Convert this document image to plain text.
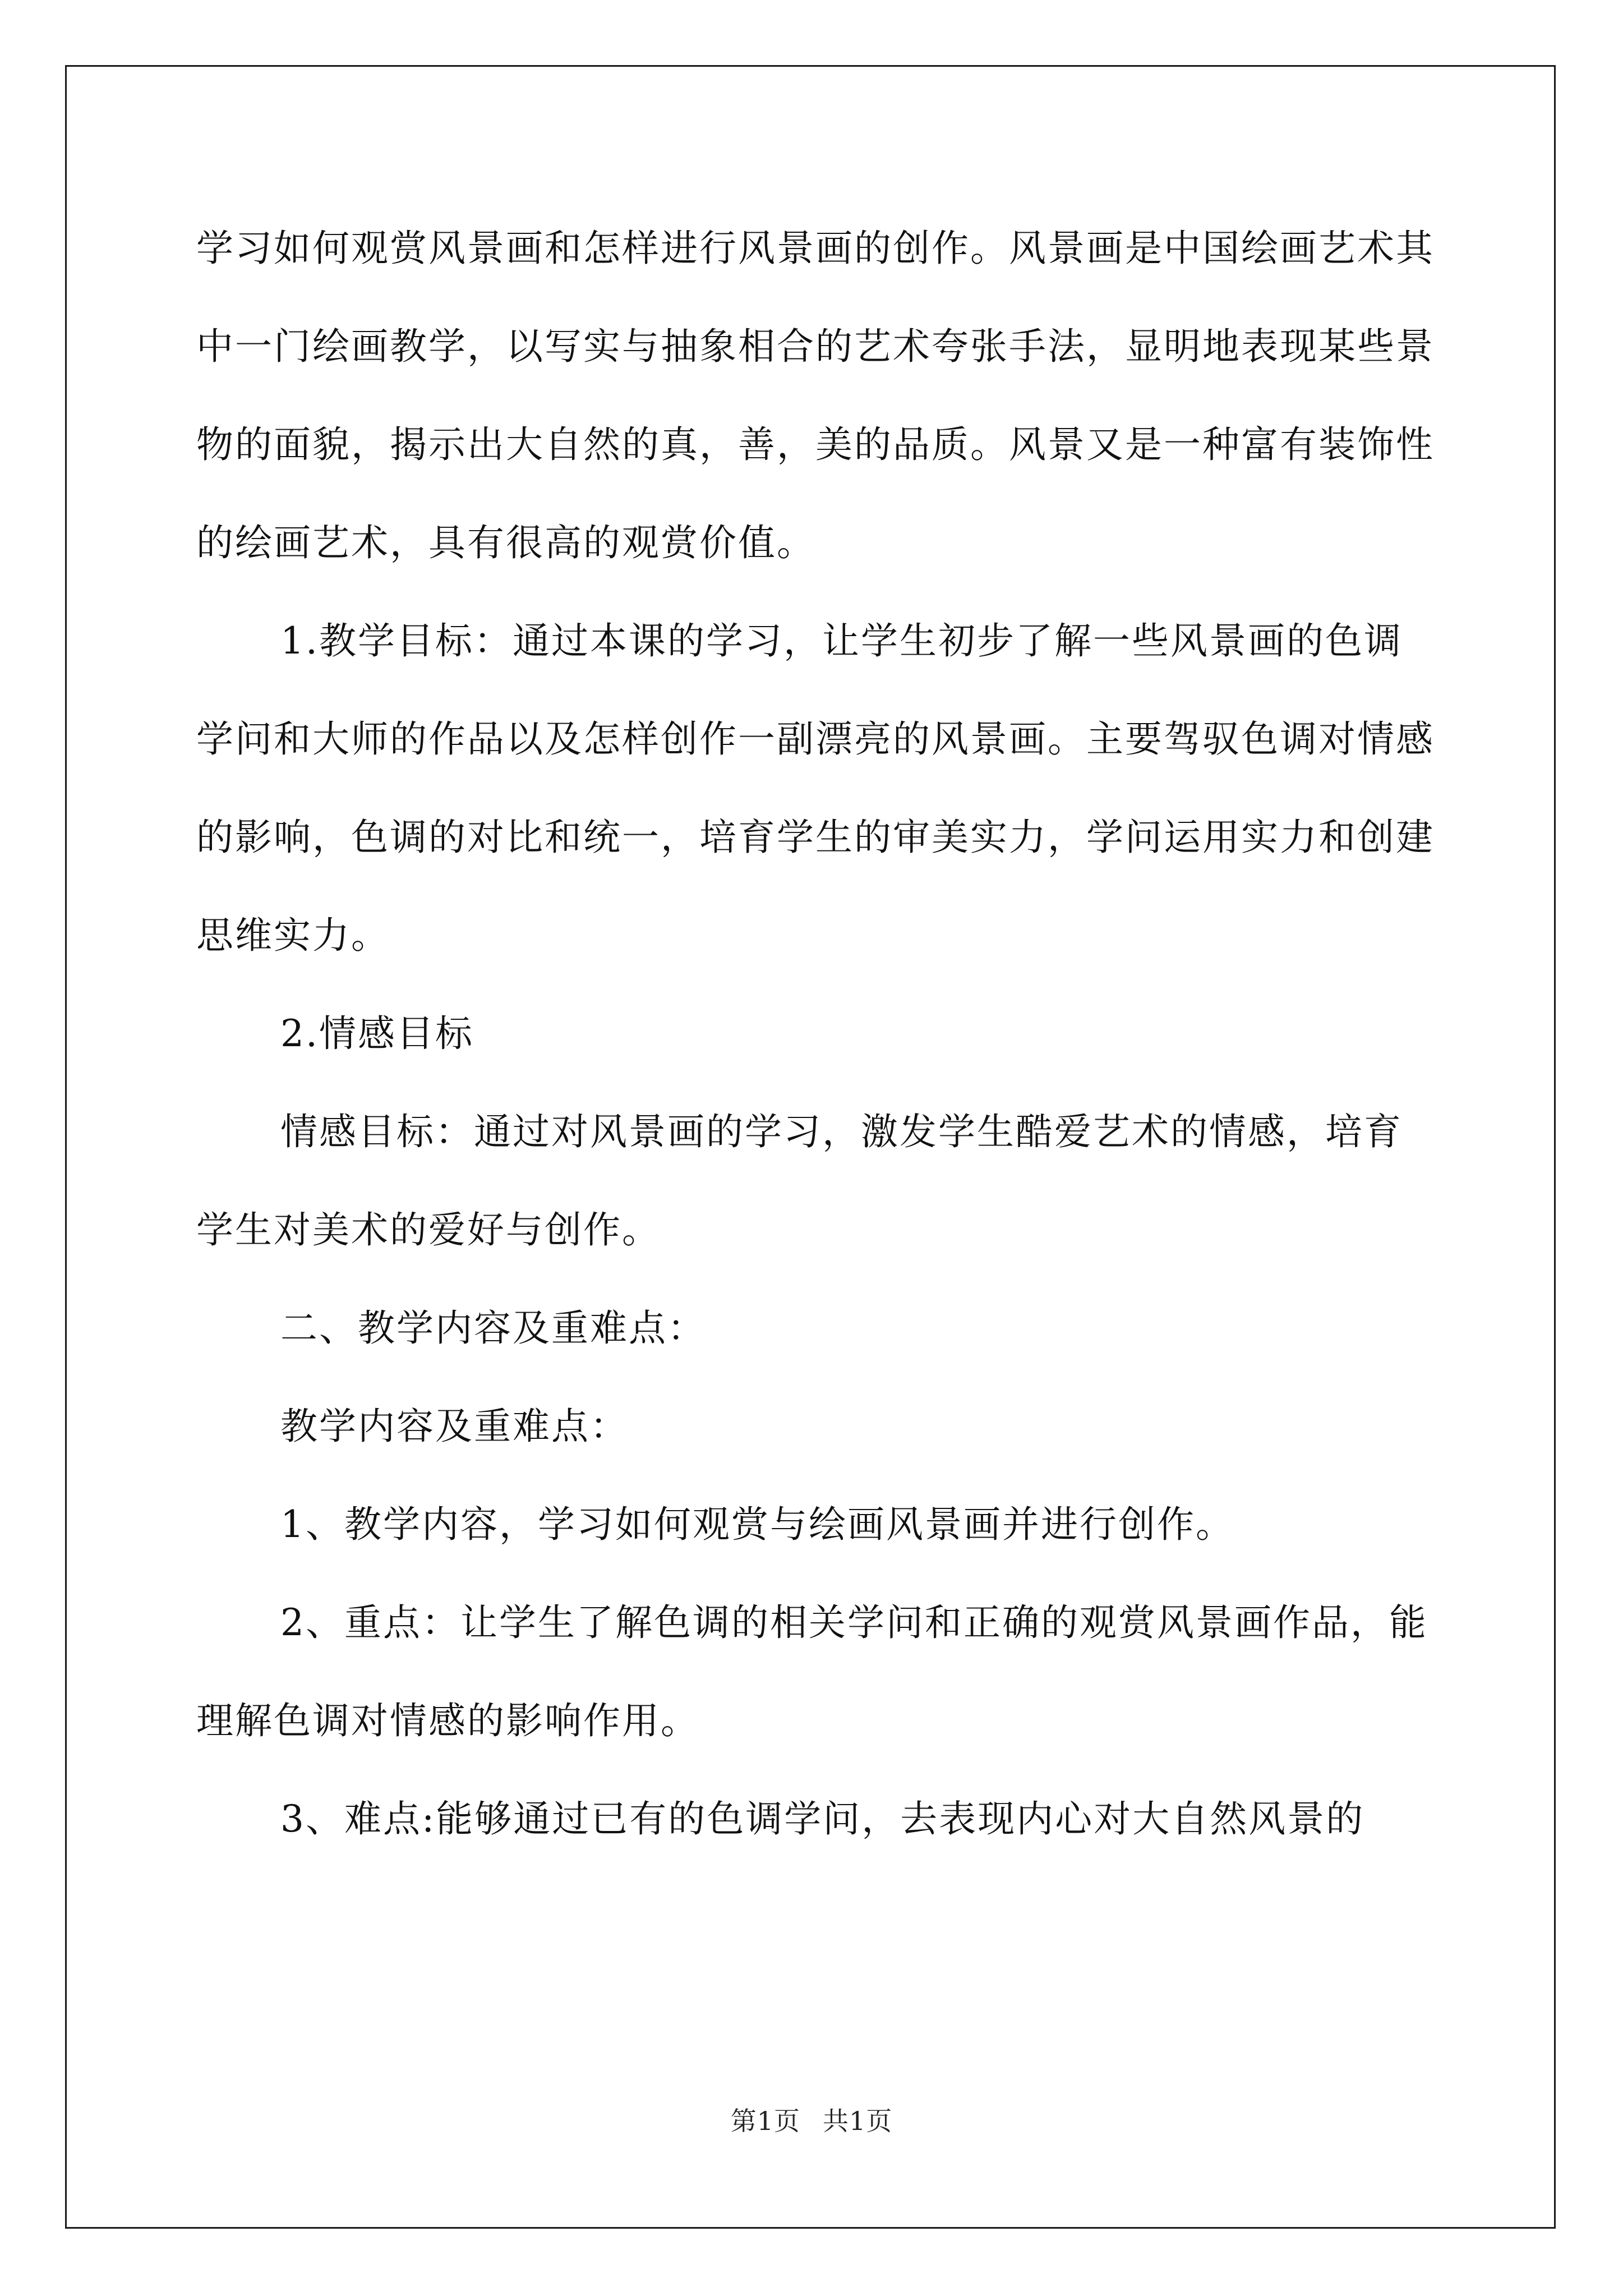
学习如何观赏风景画和怎样进行风景画的创作。风景画是中国绘画艺术其中一门绘画教学，以写实与抽象相合的艺术夸张手法，显明地表现某些景物的面貌，揭示出大自然的真，善，美的品质。风景又是一种富有装饰性的绘画艺术，具有很高的观赏价值。

1.教学目标：通过本课的学习，让学生初步了解一些风景画的色调学问和大师的作品以及怎样创作一副漂亮的风景画。主要驾驭色调对情感的影响，色调的对比和统一，培育学生的审美实力，学问运用实力和创建思维实力。

2.情感目标

情感目标：通过对风景画的学习，激发学生酷爱艺术的情感，培育学生对美术的爱好与创作。

二、教学内容及重难点：

教学内容及重难点：

1、教学内容，学习如何观赏与绘画风景画并进行创作。

2、重点：让学生了解色调的相关学问和正确的观赏风景画作品，能理解色调对情感的影响作用。

3、难点:能够通过已有的色调学问，去表现内心对大自然风景的

第1页 共1页
